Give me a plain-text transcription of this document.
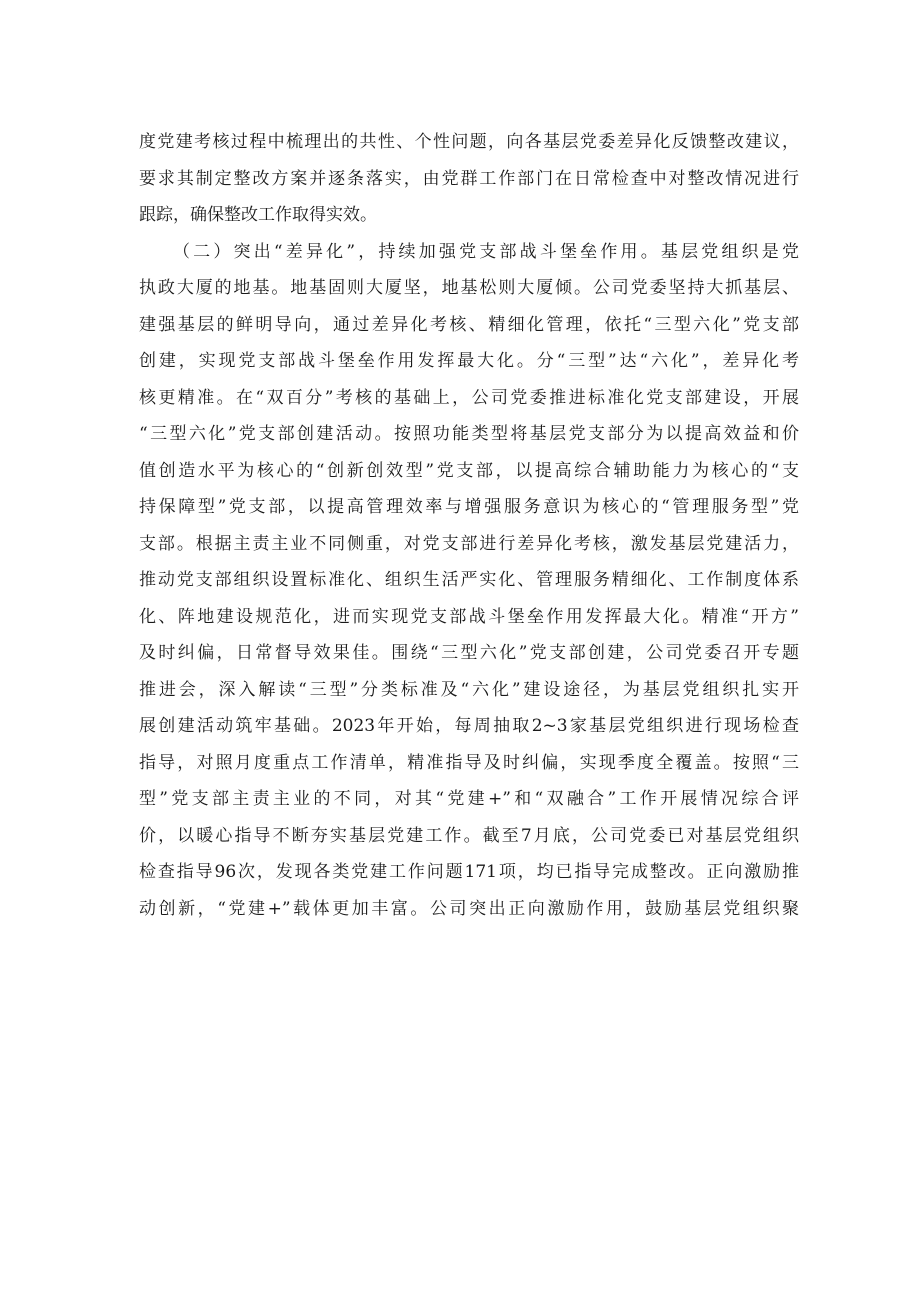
度党建考核过程中梳理出的共性、个性问题，向各基层党委差异化反馈整改建议，
要求其制定整改方案并逐条落实，由党群工作部门在日常检查中对整改情况进行
跟踪，确保整改工作取得实效。
（二）突出“差异化”，持续加强党支部战斗堡垒作用。基层党组织是党
执政大厦的地基。地基固则大厦坚，地基松则大厦倾。公司党委坚持大抓基层、
建强基层的鲜明导向，通过差异化考核、精细化管理，依托“三型六化”党支部
创建，实现党支部战斗堡垒作用发挥最大化。分“三型”达“六化”，差异化考
核更精准。在“双百分”考核的基础上，公司党委推进标准化党支部建设，开展
“三型六化”党支部创建活动。按照功能类型将基层党支部分为以提高效益和价
值创造水平为核心的“创新创效型”党支部，以提高综合辅助能力为核心的“支
持保障型”党支部，以提高管理效率与增强服务意识为核心的“管理服务型”党
支部。根据主责主业不同侧重，对党支部进行差异化考核，激发基层党建活力，
推动党支部组织设置标准化、组织生活严实化、管理服务精细化、工作制度体系
化、阵地建设规范化，进而实现党支部战斗堡垒作用发挥最大化。精准“开方”
及时纠偏，日常督导效果佳。围绕“三型六化”党支部创建，公司党委召开专题
推进会，深入解读“三型”分类标准及“六化”建设途径，为基层党组织扎实开
展创建活动筑牢基础。2023年开始，每周抽取2~3家基层党组织进行现场检查
指导，对照月度重点工作清单，精准指导及时纠偏，实现季度全覆盖。按照“三
型”党支部主责主业的不同，对其“党建+”和“双融合”工作开展情况综合评
价，以暖心指导不断夯实基层党建工作。截至7月底，公司党委已对基层党组织
检查指导96次，发现各类党建工作问题171项，均已指导完成整改。正向激励推
动创新，“党建+”载体更加丰富。公司突出正向激励作用，鼓励基层党组织聚
